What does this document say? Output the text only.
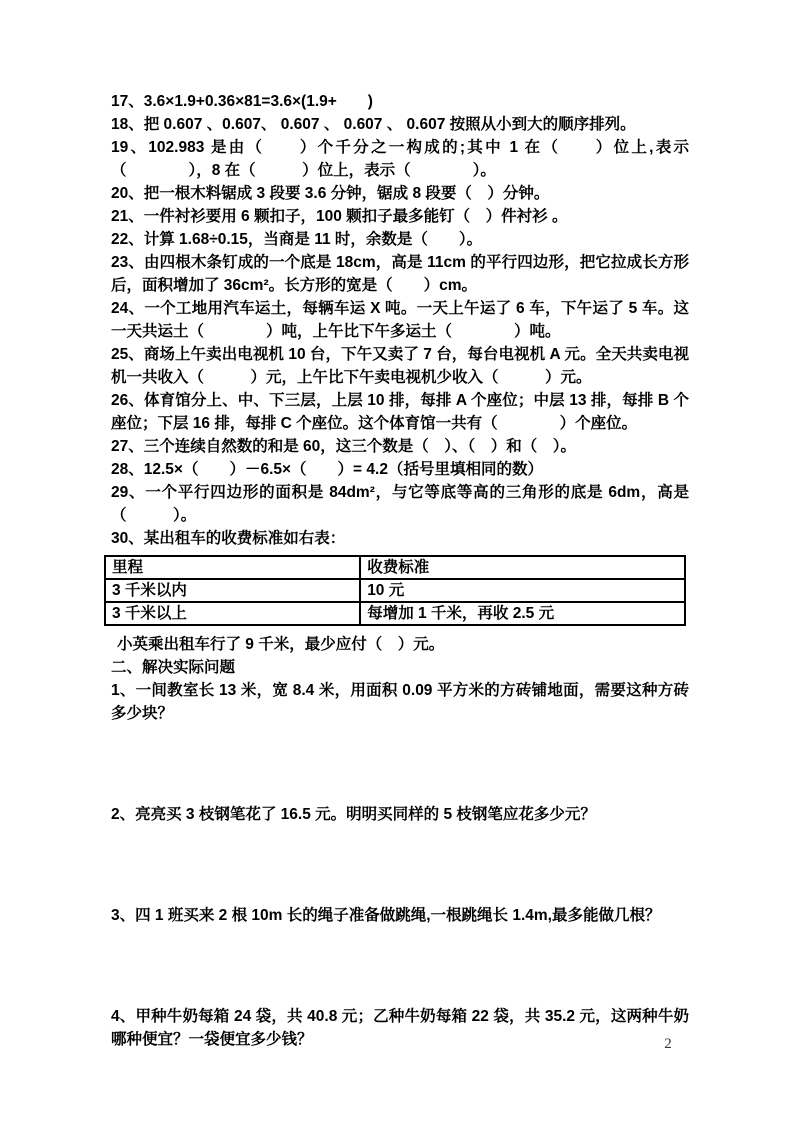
17、3.6×1.9+0.36×81=3.6×(1.9+　　)

18、把 0.607 、0.607、 0.607 、 0.607 、 0.607 按照从小到大的顺序排列。

19、102.983 是由（　　）个千分之一构成的;其中 1 在（　　）位上,表示（　　　　），8 在（　　　）位上，表示（　　　　）。

20、把一根木料锯成 3 段要 3.6 分钟，锯成 8 段要（　）分钟。

21、一件衬衫要用 6 颗扣子，100 颗扣子最多能钉（　）件衬衫 。

22、计算 1.68÷0.15，当商是 11 时，余数是（　　）。

23、由四根木条钉成的一个底是 18cm，高是 11cm 的平行四边形，把它拉成长方形后，面积增加了 36cm²。长方形的宽是（　　）cm。

24、一个工地用汽车运土，每辆车运 X 吨。一天上午运了 6 车，下午运了 5 车。这一天共运土（　　　　）吨，上午比下午多运土（　　　　）吨。

25、商场上午卖出电视机 10 台，下午又卖了 7 台，每台电视机 A 元。全天共卖电视机一共收入（　　　）元，上午比下午卖电视机少收入（　　　）元。

26、体育馆分上、中、下三层，上层 10 排，每排 A 个座位；中层 13 排，每排 B 个座位；下层 16 排，每排 C 个座位。这个体育馆一共有（　　　　）个座位。

27、三个连续自然数的和是 60，这三个数是（　）、（　）和（　）。

28、12.5×（　　）－6.5×（　　）= 4.2（括号里填相同的数）

29、一个平行四边形的面积是 84dm²，与它等底等高的三角形的底是 6dm，高是（　　　）。

30、某出租车的收费标准如右表：

里程	收费标准
3 千米以内	10 元
3 千米以上	每增加 1 千米，再收 2.5 元

小英乘出租车行了 9 千米，最少应付（　）元。

二、解决实际问题

1、一间教室长 13 米，宽 8.4 米，用面积 0.09 平方米的方砖铺地面，需要这种方砖多少块？

2、亮亮买 3 枝钢笔花了 16.5 元。明明买同样的 5 枝钢笔应花多少元？

3、四 1 班买来 2 根 10m 长的绳子准备做跳绳,一根跳绳长 1.4m,最多能做几根？

4、甲种牛奶每箱 24 袋，共 40.8 元；乙种牛奶每箱 22 袋，共 35.2 元，这两种牛奶哪种便宜？一袋便宜多少钱？	2
